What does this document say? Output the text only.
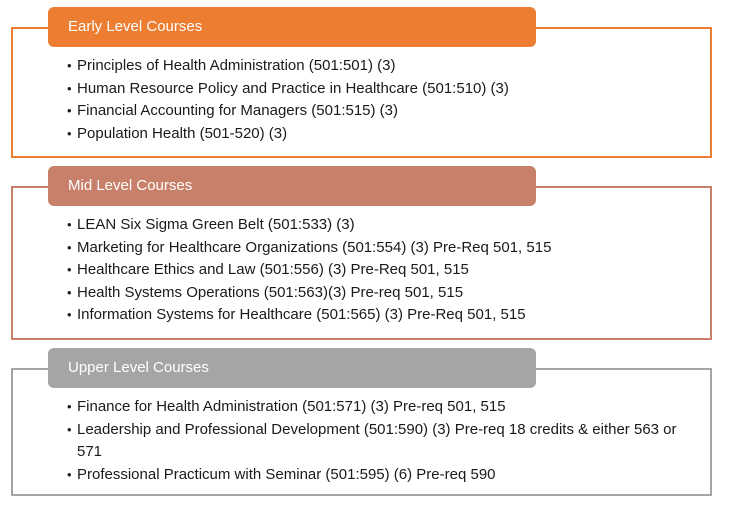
Early Level Courses
• Principles of Health Administration (501:501) (3)
• Human Resource Policy and Practice in Healthcare (501:510) (3)
• Financial Accounting for Managers (501:515) (3)
• Population Health (501-520) (3)
Mid Level Courses
• LEAN Six Sigma Green Belt (501:533) (3)
• Marketing for Healthcare Organizations (501:554) (3) Pre-Req 501, 515
• Healthcare Ethics and Law (501:556) (3) Pre-Req 501, 515
• Health Systems Operations (501:563)(3) Pre-req 501, 515
• Information Systems for Healthcare (501:565) (3) Pre-Req 501, 515
Upper Level Courses
• Finance for Health Administration (501:571) (3) Pre-req 501, 515
• Leadership and Professional Development (501:590) (3) Pre-req 18 credits & either 563 or 571
• Professional Practicum with Seminar (501:595) (6) Pre-req 590
